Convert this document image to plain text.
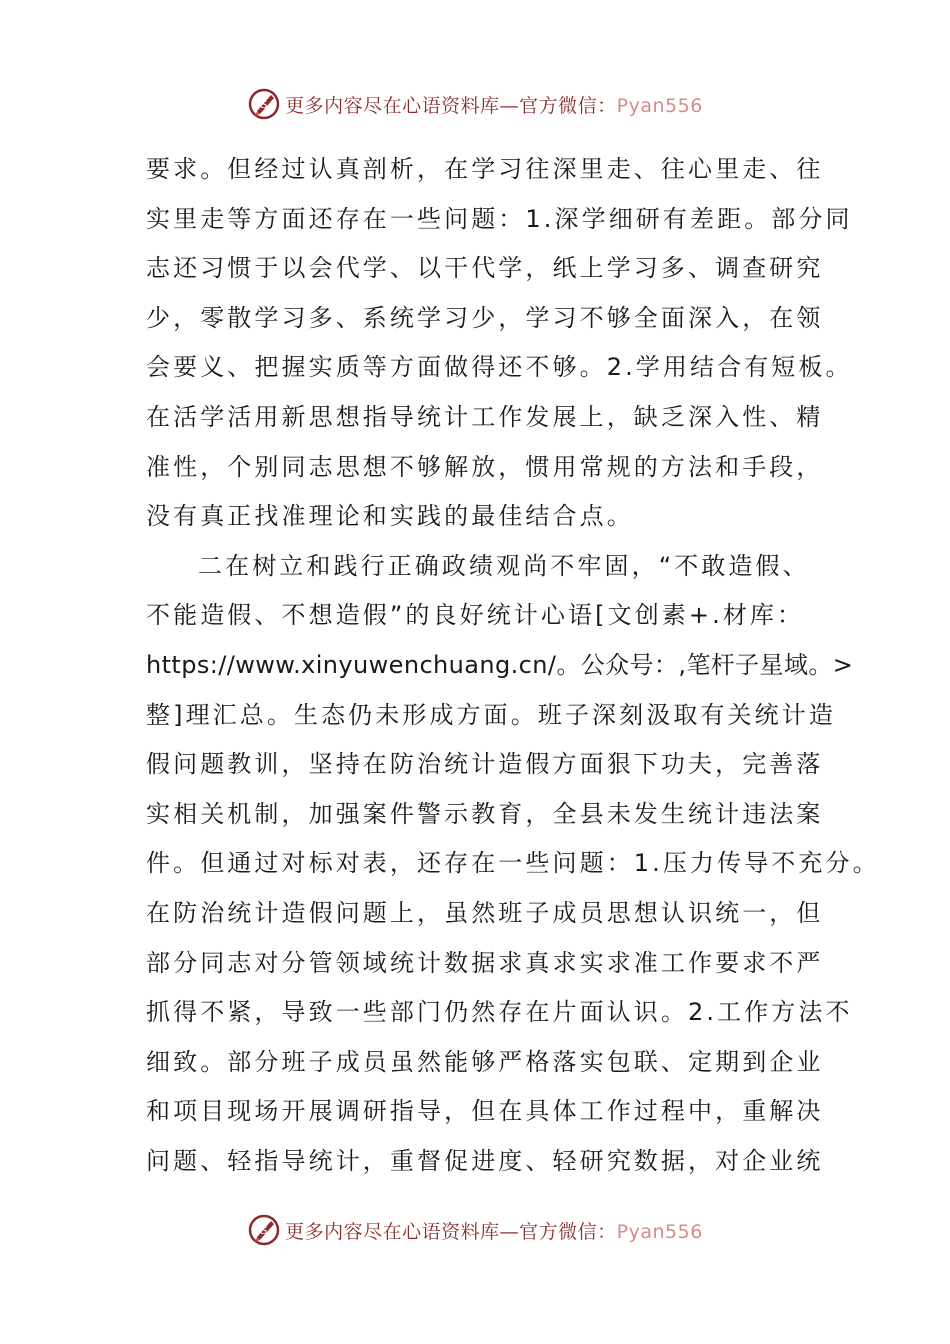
S 更多内容尽在心语资料库—官方微信：Pyan556
要求。但经过认真剖析，在学习往深里走、往心里走、往
实里走等方面还存在一些问题：1.深学细研有差距。部分同
志还习惯于以会代学、以干代学，纸上学习多、调查研究
少，零散学习多、系统学习少，学习不够全面深入，在领
会要义、把握实质等方面做得还不够。2.学用结合有短板。
在活学活用新思想指导统计工作发展上，缺乏深入性、精
准性，个别同志思想不够解放，惯用常规的方法和手段，
没有真正找准理论和实践的最佳结合点。
二在树立和践行正确政绩观尚不牢固，“不敢造假、
不能造假、不想造假”的良好统计心语[文创素+.材库：
https://www.xinyuwenchuang.cn/。公众号：,笔杆子星域。>
整]理汇总。生态仍未形成方面。班子深刻汲取有关统计造
假问题教训，坚持在防治统计造假方面狠下功夫，完善落
实相关机制，加强案件警示教育，全县未发生统计违法案
件。但通过对标对表，还存在一些问题：1.压力传导不充分。
在防治统计造假问题上，虽然班子成员思想认识统一，但
部分同志对分管领域统计数据求真求实求准工作要求不严
抓得不紧，导致一些部门仍然存在片面认识。2.工作方法不
细致。部分班子成员虽然能够严格落实包联、定期到企业
和项目现场开展调研指导，但在具体工作过程中，重解决
问题、轻指导统计，重督促进度、轻研究数据，对企业统
S 更多内容尽在心语资料库—官方微信：Pyan556
